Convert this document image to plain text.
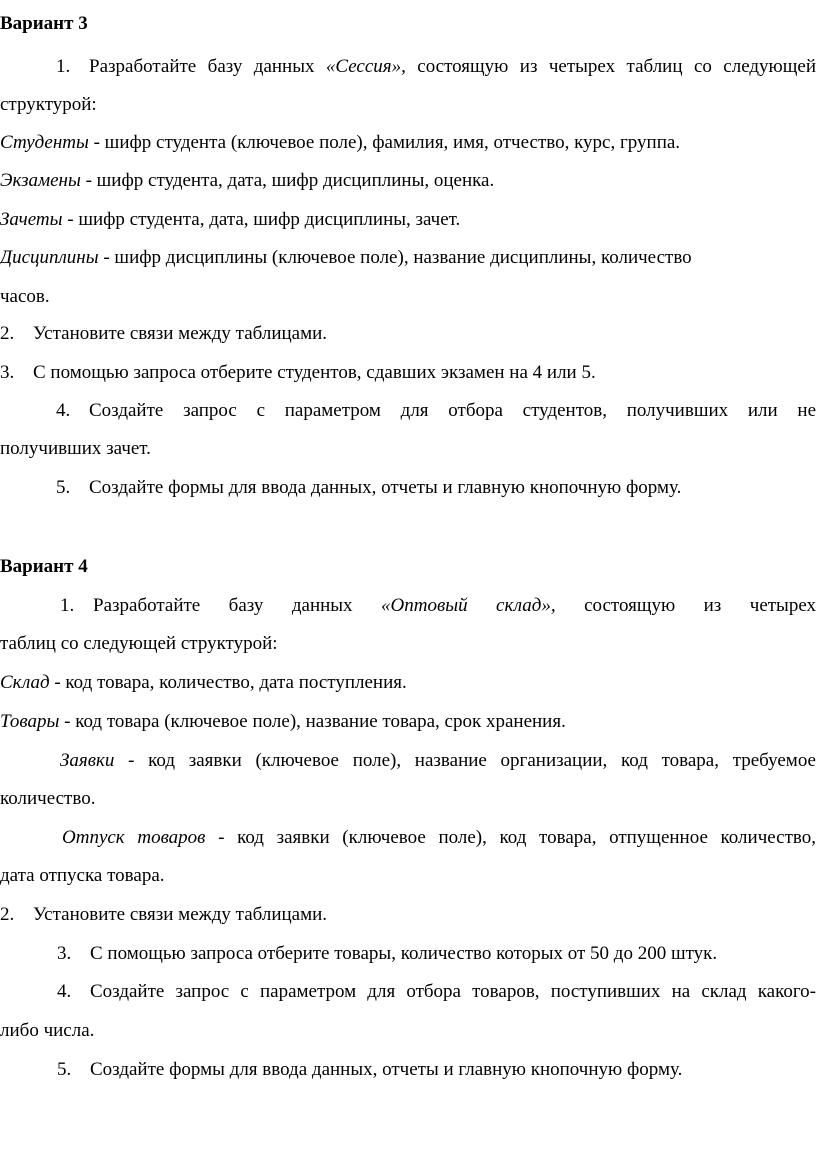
Вариант 3
1. Разработайте базу данных «Сессия», состоящую из четырех таблиц со следующей
структурой:
Студенты - шифр студента (ключевое поле), фамилия, имя, отчество, курс, группа.
Экзамены - шифр студента, дата, шифр дисциплины, оценка.
Зачеты - шифр студента, дата, шифр дисциплины, зачет.
Дисциплины - шифр дисциплины (ключевое поле), название дисциплины, количество
часов.
2. Установите связи между таблицами.
3. С помощью запроса отберите студентов, сдавших экзамен на 4 или 5.
4. Создайте запрос с параметром для отбора студентов, получивших или не
получивших зачет.
5. Создайте формы для ввода данных, отчеты и главную кнопочную форму.
Вариант 4
1. Разработайте базу данных «Оптовый склад», состоящую из четырех
таблиц со следующей структурой:
Склад - код товара, количество, дата поступления.
Товары - код товара (ключевое поле), название товара, срок хранения.
Заявки - код заявки (ключевое поле), название организации, код товара, требуемое
количество.
Отпуск товаров - код заявки (ключевое поле), код товара, отпущенное количество,
дата отпуска товара.
2. Установите связи между таблицами.
3. С помощью запроса отберите товары, количество которых от 50 до 200 штук.
4. Создайте запрос с параметром для отбора товаров, поступивших на склад какого-
либо числа.
5. Создайте формы для ввода данных, отчеты и главную кнопочную форму.
